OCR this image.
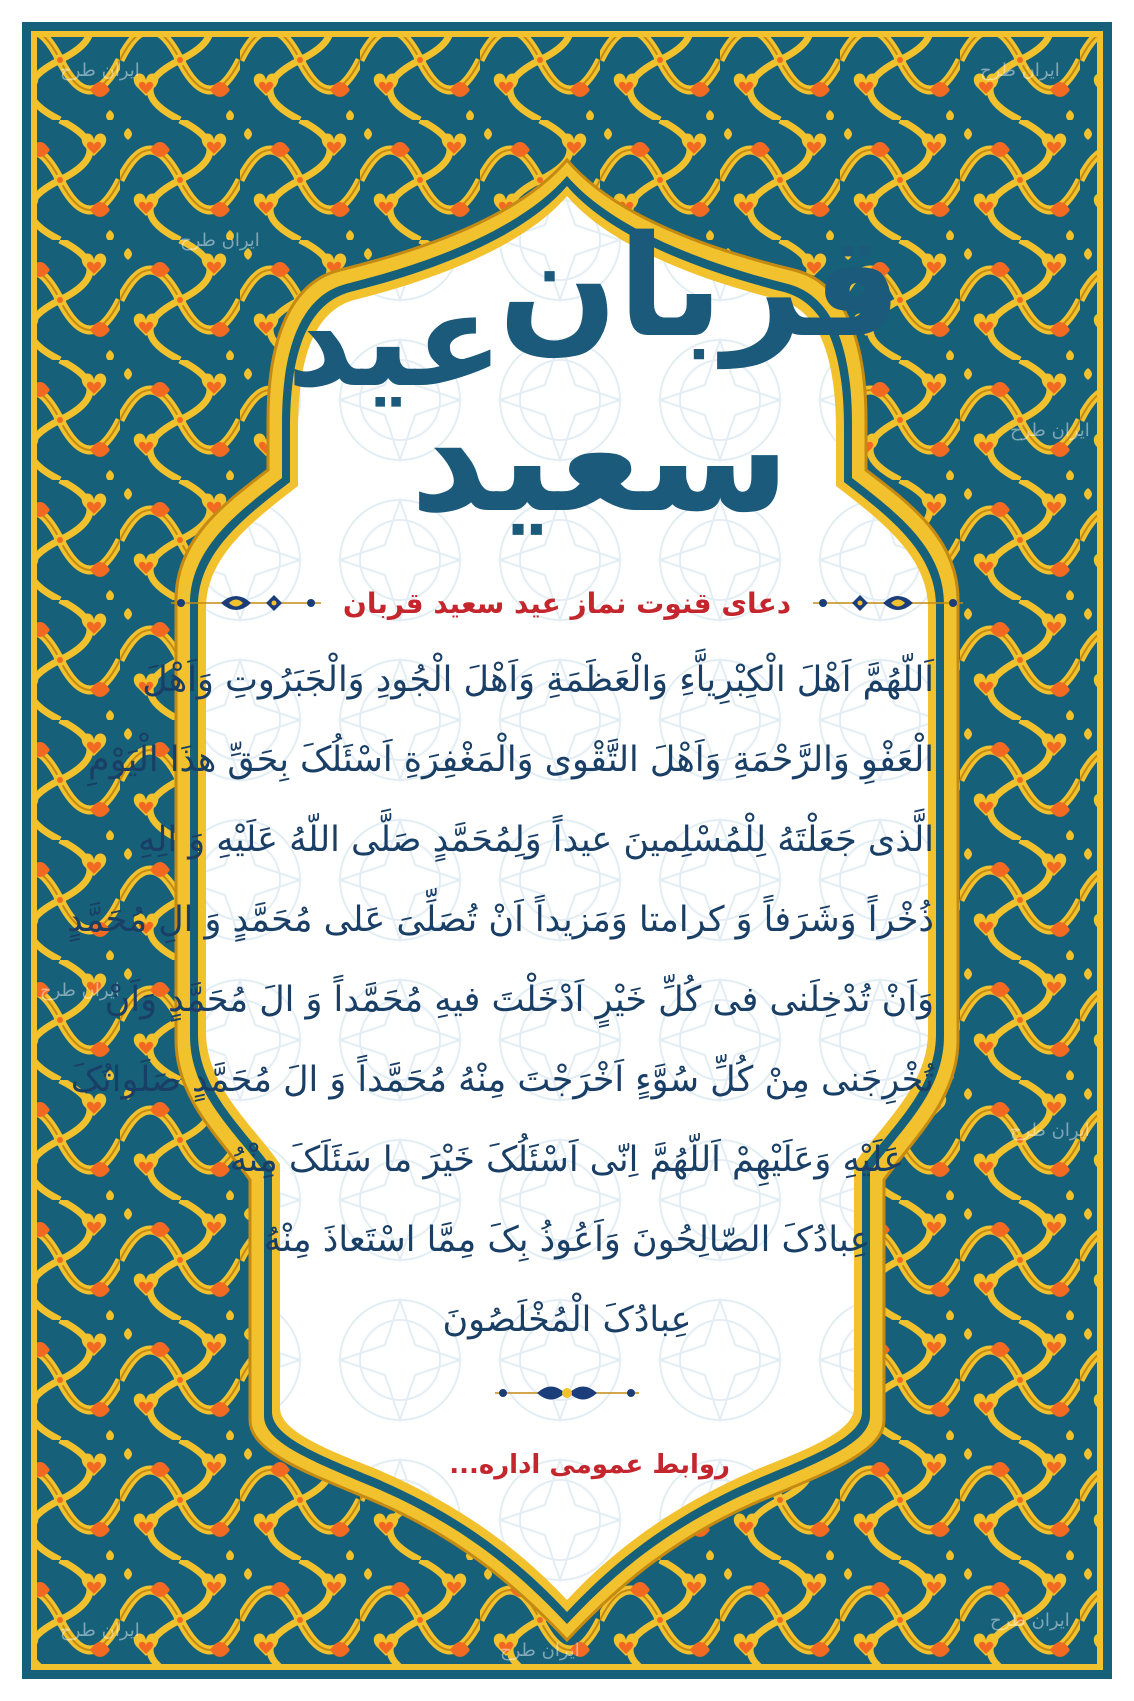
ایران طرح
ایران طرح
ایران طرح
ایران طرح
ایران طرح
ایران طرح
ایران طرح
ایران طرح
ایران طرح
قربان
عید
سعید
دعای قنوت نماز عید سعید قربان
اَللّهُمَّ اَهْلَ الْكِبْرِياَّءِ وَالْعَظَمَةِ وَاَهْلَ الْجُودِ وَالْجَبَرُوتِ وَاَهْلَ
الْعَفْوِ وَالرَّحْمَةِ وَاَهْلَ التَّقْوی وَالْمَغْفِرَةِ اَسْئَلُکَ بِحَقِّ هذَا الْيَوْمِ
الَّذی جَعَلْتَهُ لِلْمُسْلِمينَ عيداً وَلِمُحَمَّدٍ صَلَّی اللّهُ عَلَيْهِ وَ الِهِ
ذُخْراً وَشَرَفاً وَ كرامتا وَمَزيداً اَنْ تُصَلِّیَ عَلی مُحَمَّدٍ وَ الِ مُحَمَّدٍ
وَاَنْ تُدْخِلَنی فی كُلِّ خَيْرٍ اَدْخَلْتَ فيهِ مُحَمَّداً وَ الَ مُحَمَّدٍ وَاَنْ
تُخْرِجَنی مِنْ كُلِّ سُوَّءٍ اَخْرَجْتَ مِنْهُ مُحَمَّداً وَ الَ مُحَمَّدٍ صَلَواتُکَ
عَلَيْهِ وَعَلَيْهِمْ اَللّهُمَّ اِنّی اَسْئَلُکَ خَيْرَ ما سَئَلَکَ مِنْهُ
عِبادُکَ الصّالِحُونَ وَاَعُوذُ بِکَ مِمَّا اسْتَعاذَ مِنْهُ
عِبادُکَ الْمُخْلَصُونَ
روابط عمومی اداره...
